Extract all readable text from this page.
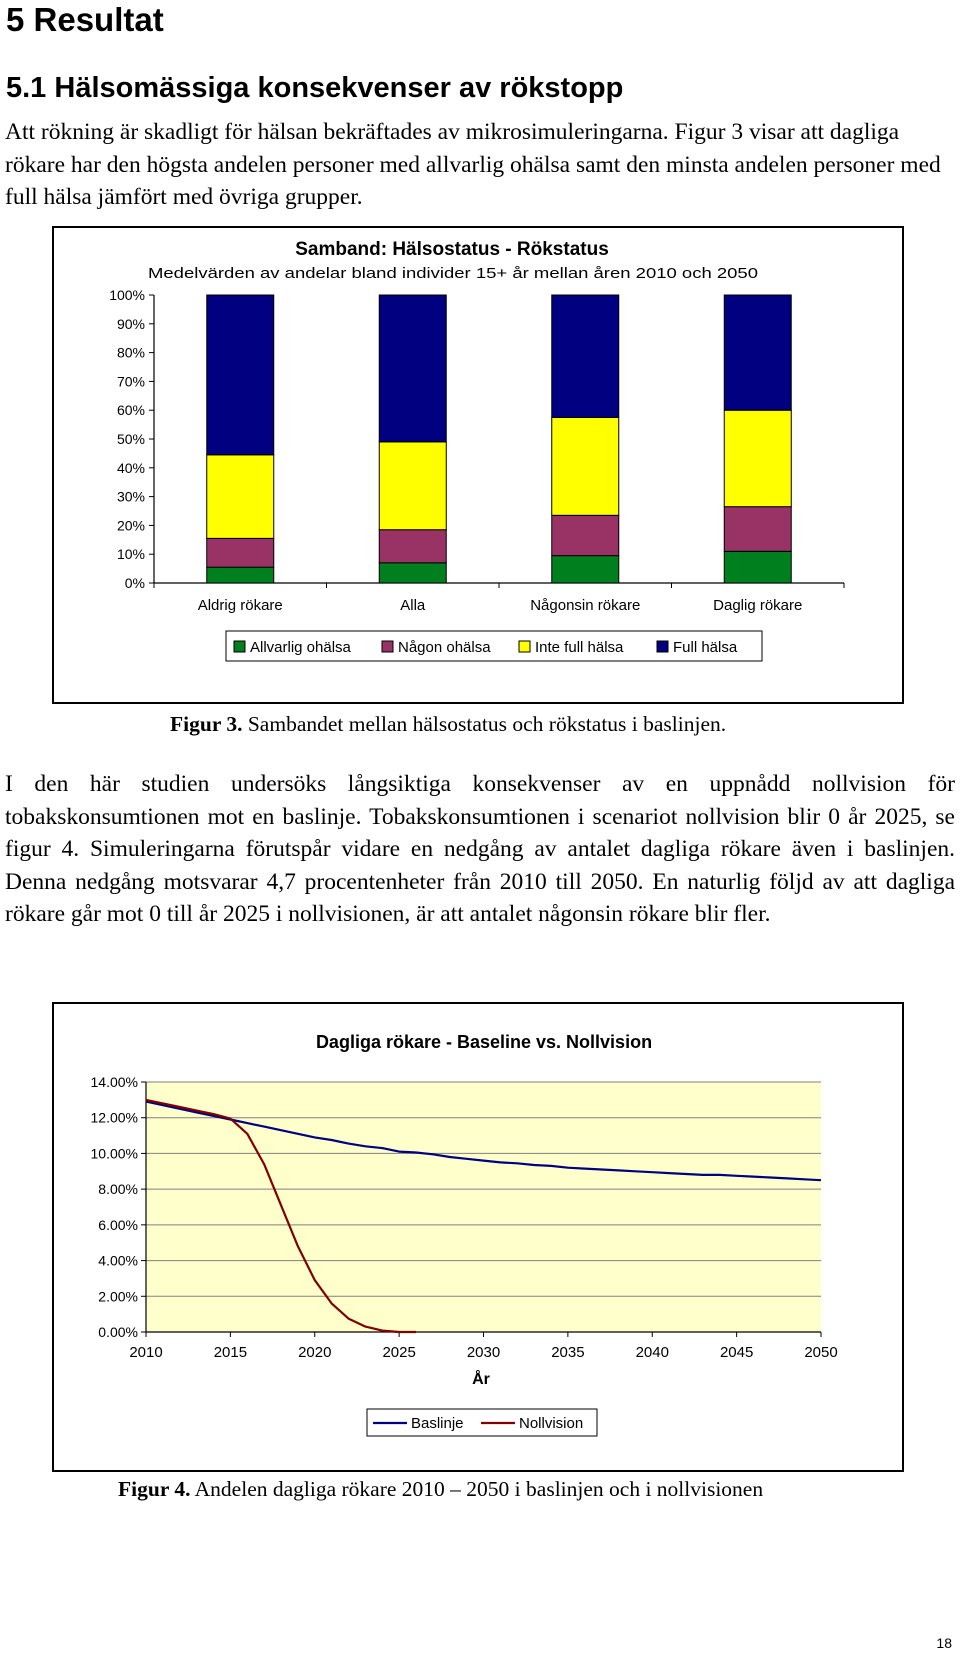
5 Resultat
5.1 Hälsomässiga konsekvenser av rökstopp

Att rökning är skadligt för hälsan bekräftades av mikrosimuleringarna. Figur 3 visar att dagliga rökare har den högsta andelen personer med allvarlig ohälsa samt den minsta andelen personer med full hälsa jämfört med övriga grupper.

Samband: Hälsostatus - Rökstatus
Medelvärden av andelar bland individer 15+ år mellan åren 2010 och 2050
0%
10%
20%
30%
40%
50%
60%
70%
80%
90%
100%
Aldrig rökare	Alla	Någonsin rökare	Daglig rökare
Allvarlig ohälsa	Någon ohälsa	Inte full hälsa	Full hälsa
Figur 3. Sambandet mellan hälsostatus och rökstatus i baslinjen.

I den här studien undersöks långsiktiga konsekvenser av en uppnådd nollvision för tobakskonsumtionen mot en baslinje. Tobakskonsumtionen i scenariot nollvision blir 0 år 2025, se figur 4. Simuleringarna förutspår vidare en nedgång av antalet dagliga rökare även i baslinjen. Denna nedgång motsvarar 4,7 procentenheter från 2010 till 2050. En naturlig följd av att dagliga rökare går mot 0 till år 2025 i nollvisionen, är att antalet någonsin rökare blir fler.

Dagliga rökare - Baseline vs. Nollvision
0.00%
2.00%
4.00%
6.00%
8.00%
10.00%
12.00%
14.00%
2010	2015	2020	2025	2030	2035	2040	2045	2050
År
Baslinje	Nollvision
Figur 4. Andelen dagliga rökare 2010 – 2050 i baslinjen och i nollvisionen
18
